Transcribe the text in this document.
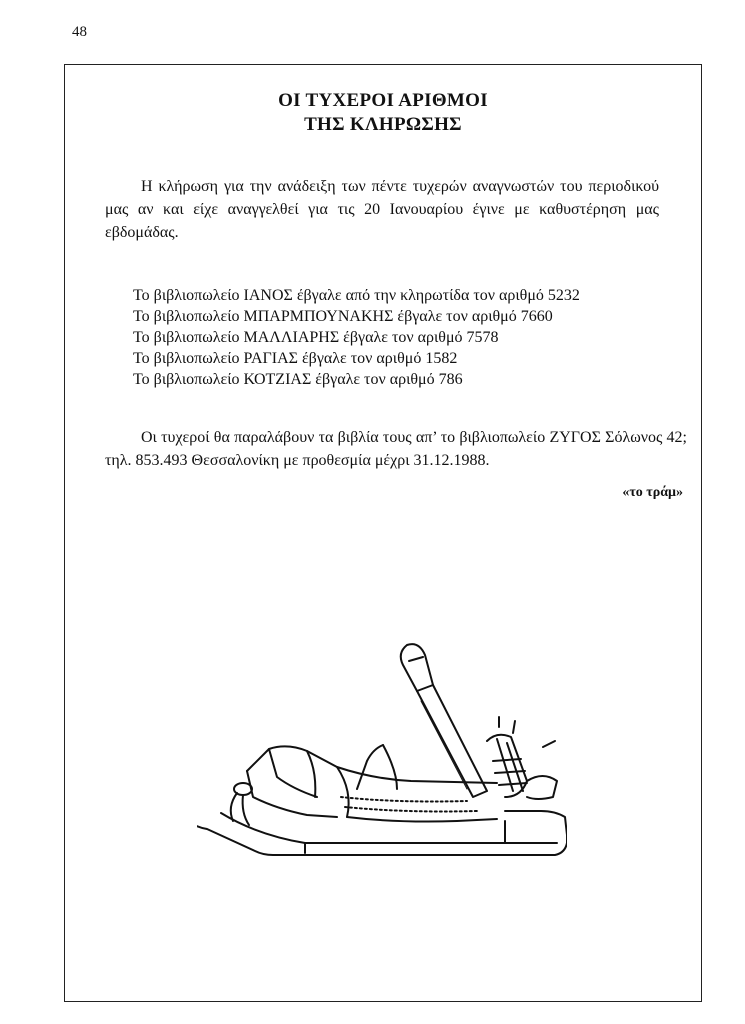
48
ΟΙ ΤΥΧΕΡΟΙ ΑΡΙΘΜΟΙ
ΤΗΣ ΚΛΗΡΩΣΗΣ

Η κλήρωση για την ανάδειξη των πέντε τυχερών αναγνωστών του περιοδικού μας αν και είχε αναγγελθεί για τις 20 Ιανουαρίου έγινε με καθυστέρηση μας εβδομάδας.

Το βιβλιοπωλείο ΙΑΝΟΣ έβγαλε από την κληρωτίδα τον αριθμό 5232
Το βιβλιοπωλείο ΜΠΑΡΜΠΟΥΝΑΚΗΣ έβγαλε τον αριθμό 7660
Το βιβλιοπωλείο ΜΑΛΛΙΑΡΗΣ έβγαλε τον αριθμό 7578
Το βιβλιοπωλείο ΡΑΓΙΑΣ έβγαλε τον αριθμό 1582
Το βιβλιοπωλείο ΚΟΤΖΙΑΣ έβγαλε τον αριθμό 786

Οι τυχεροί θα παραλάβουν τα βιβλία τους απ’ το βιβλιοπωλείο ΖΥΓΟΣ Σόλωνος 42; τηλ. 853.493 Θεσσαλονίκη με προθεσμία μέχρι 31.12.1988.

«το τράμ»
